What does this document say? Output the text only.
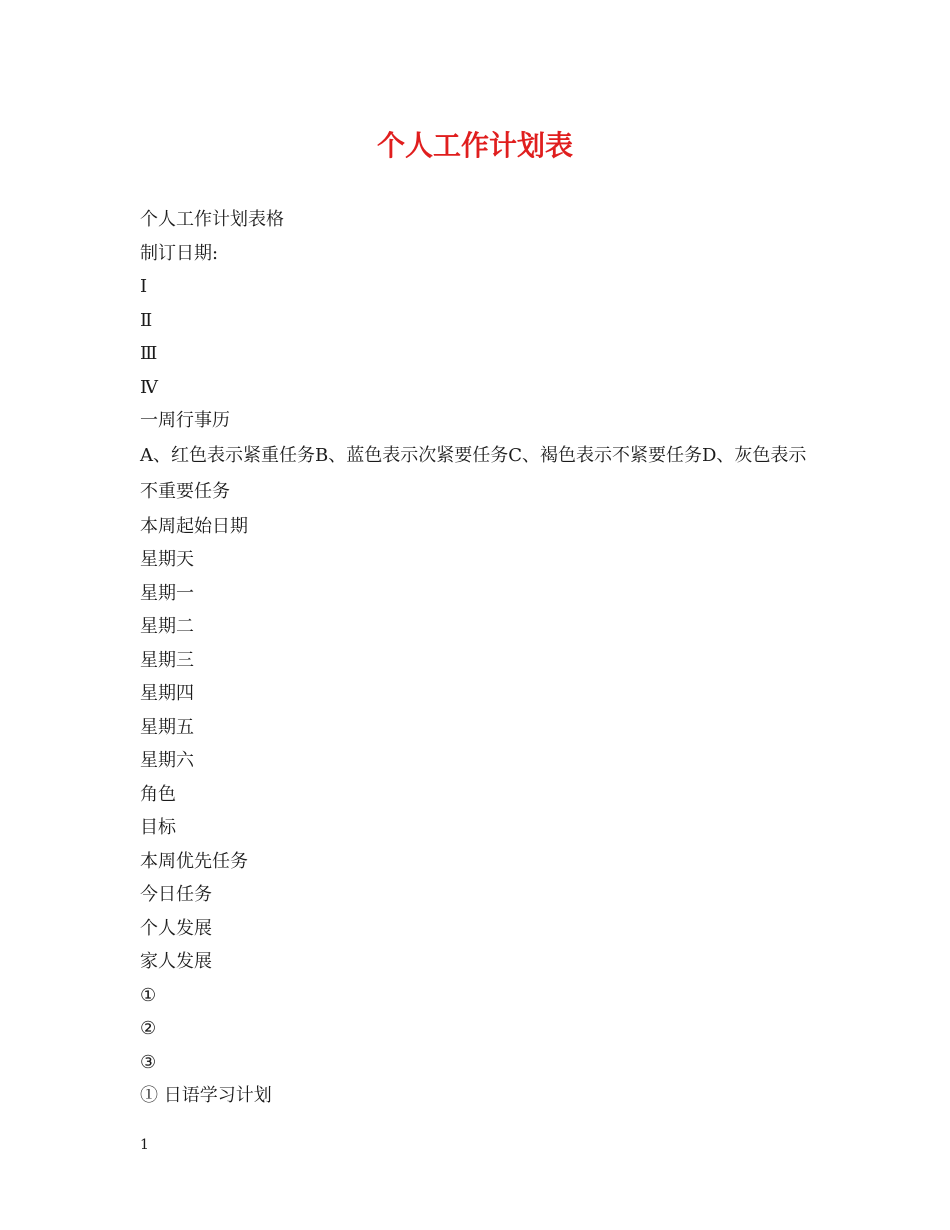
个人工作计划表
个人工作计划表格
制订日期:
Ⅰ
Ⅱ
Ⅲ
Ⅳ
一周行事历
A、红色表示紧重任务B、蓝色表示次紧要任务C、褐色表示不紧要任务D、灰色表示不重要任务
本周起始日期
星期天
星期一
星期二
星期三
星期四
星期五
星期六
角色
目标
本周优先任务
今日任务
个人发展
家人发展
①
②
③
① 日语学习计划
1
